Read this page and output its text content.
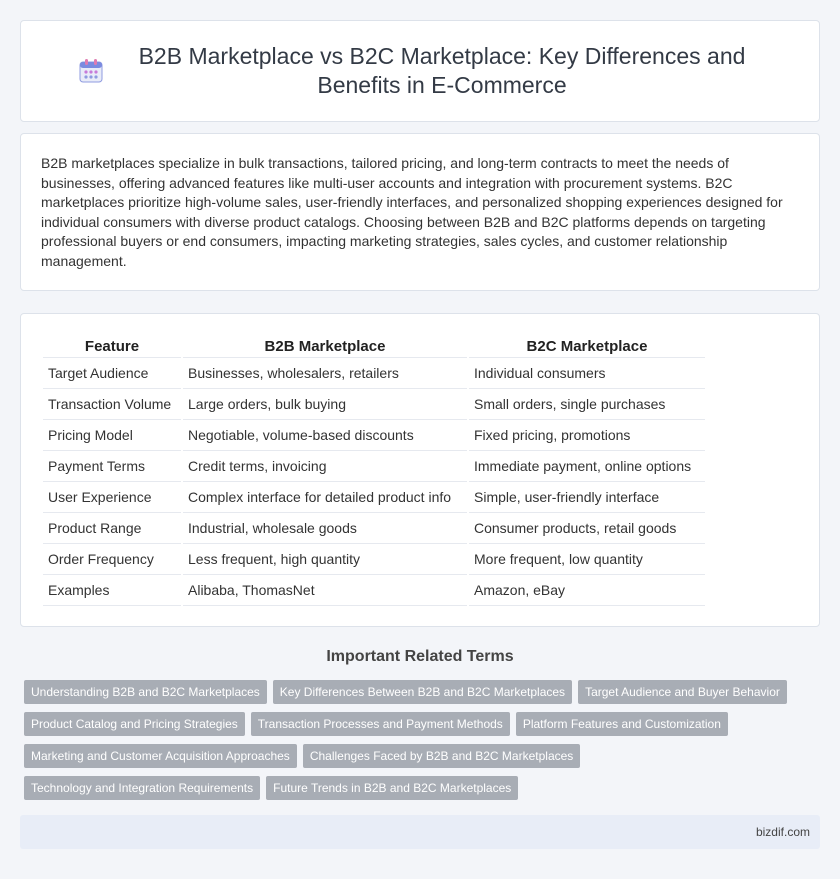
B2B Marketplace vs B2C Marketplace: Key Differences and Benefits in E-Commerce

B2B marketplaces specialize in bulk transactions, tailored pricing, and long-term contracts to meet the needs of businesses, offering advanced features like multi-user accounts and integration with procurement systems. B2C marketplaces prioritize high-volume sales, user-friendly interfaces, and personalized shopping experiences designed for individual consumers with diverse product catalogs. Choosing between B2B and B2C platforms depends on targeting professional buyers or end consumers, impacting marketing strategies, sales cycles, and customer relationship management.

Feature	B2B Marketplace	B2C Marketplace
Target Audience	Businesses, wholesalers, retailers	Individual consumers
Transaction Volume	Large orders, bulk buying	Small orders, single purchases
Pricing Model	Negotiable, volume-based discounts	Fixed pricing, promotions
Payment Terms	Credit terms, invoicing	Immediate payment, online options
User Experience	Complex interface for detailed product info	Simple, user-friendly interface
Product Range	Industrial, wholesale goods	Consumer products, retail goods
Order Frequency	Less frequent, high quantity	More frequent, low quantity
Examples	Alibaba, ThomasNet	Amazon, eBay
Important Related Terms
Understanding B2B and B2C Marketplaces	Key Differences Between B2B and B2C Marketplaces	Target Audience and Buyer Behavior
Product Catalog and Pricing Strategies	Transaction Processes and Payment Methods	Platform Features and Customization
Marketing and Customer Acquisition Approaches	Challenges Faced by B2B and B2C Marketplaces
Technology and Integration Requirements	Future Trends in B2B and B2C Marketplaces
bizdif.com
